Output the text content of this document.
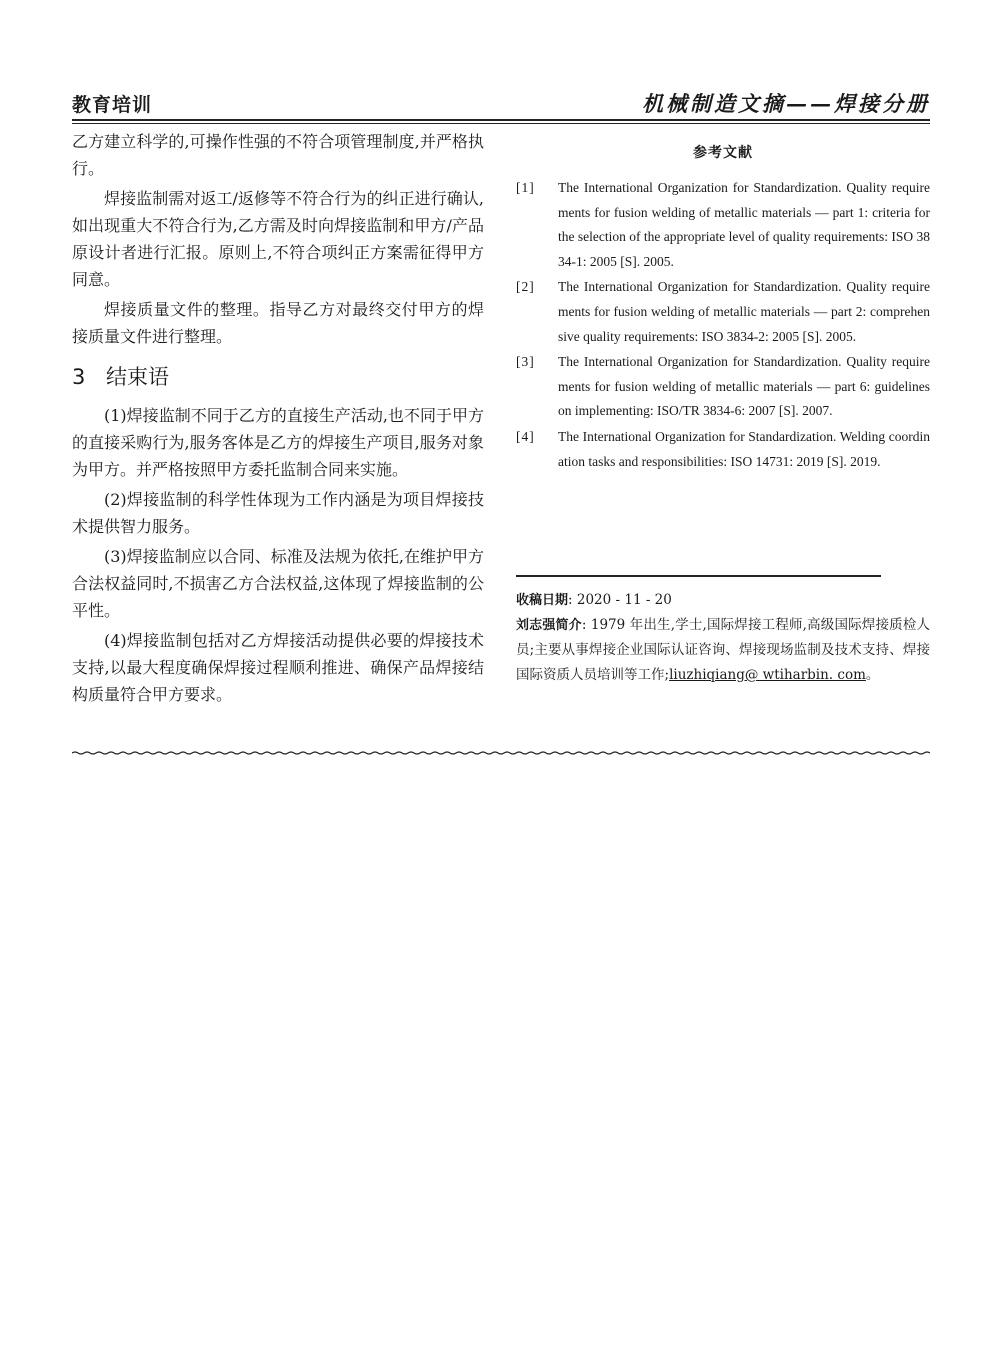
教育培训	机械制造文摘——焊接分册

乙方建立科学的,可操作性强的不符合项管理制度,并严格执行。

焊接监制需对返工/返修等不符合行为的纠正进行确认,如出现重大不符合行为,乙方需及时向焊接监制和甲方/产品原设计者进行汇报。原则上,不符合项纠正方案需征得甲方同意。

焊接质量文件的整理。指导乙方对最终交付甲方的焊接质量文件进行整理。

3 结束语

(1)焊接监制不同于乙方的直接生产活动,也不同于甲方的直接采购行为,服务客体是乙方的焊接生产项目,服务对象为甲方。并严格按照甲方委托监制合同来实施。

(2)焊接监制的科学性体现为工作内涵是为项目焊接技术提供智力服务。

(3)焊接监制应以合同、标准及法规为依托,在维护甲方合法权益同时,不损害乙方合法权益,这体现了焊接监制的公平性。

(4)焊接监制包括对乙方焊接活动提供必要的焊接技术支持,以最大程度确保焊接过程顺利推进、确保产品焊接结构质量符合甲方要求。

参考文献
[1] The International Organization for Standardization. Quality requirements for fusion welding of metallic materials — part 1: criteria for the selection of the appropriate level of quality requirements: ISO 3834-1: 2005 [S]. 2005.
[2] The International Organization for Standardization. Quality requirements for fusion welding of metallic materials — part 2: comprehensive quality requirements: ISO 3834-2: 2005 [S]. 2005.
[3] The International Organization for Standardization. Quality requirements for fusion welding of metallic materials — part 6: guidelines on implementing: ISO/TR 3834-6: 2007 [S]. 2007.
[4] The International Organization for Standardization. Welding coordination tasks and responsibilities: ISO 14731: 2019 [S]. 2019.

收稿日期: 2020 - 11 - 20

刘志强简介: 1979 年出生,学士,国际焊接工程师,高级国际焊接质检人员;主要从事焊接企业国际认证咨询、焊接现场监制及技术支持、焊接国际资质人员培训等工作;liuzhiqiang@ wtiharbin. com。
